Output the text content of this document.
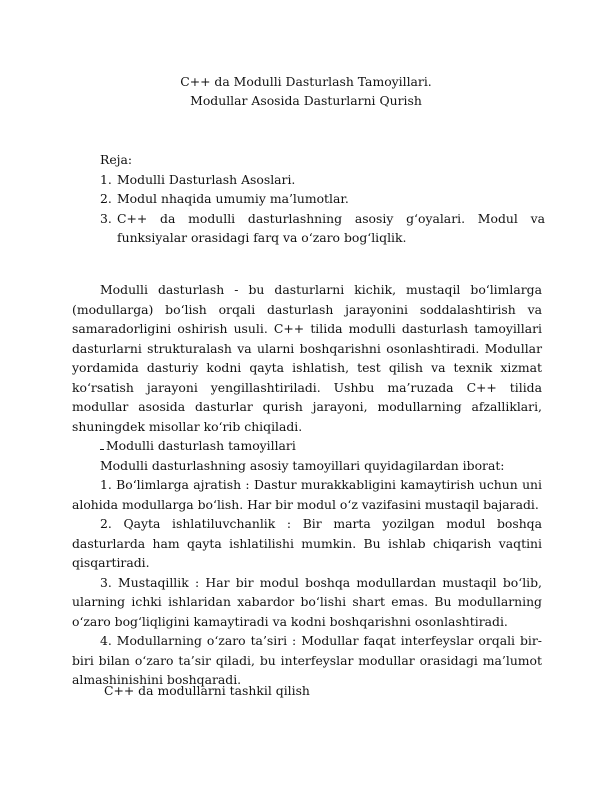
C++ da Modulli Dasturlash Tamoyillari.
Modullar Asosida Dasturlarni Qurish

Reja:

1. Modulli Dasturlash Asoslari.
2. Modul nhaqida umumiy ma’lumotlar.
3. C++ da modulli dasturlashning asosiy g‘oyalari. Modul va funksiyalar orasidagi farq va o‘zaro bog‘liqlik.

Modulli dasturlash - bu dasturlarni kichik, mustaqil bo‘limlarga (modullarga) bo‘lish orqali dasturlash jarayonini soddalashtirish va samaradorligini oshirish usuli. C++ tilida modulli dasturlash tamoyillari dasturlarni strukturalash va ularni boshqarishni osonlashtiradi. Modullar yordamida dasturiy kodni qayta ishlatish, test qilish va texnik xizmat ko‘rsatish jarayoni yengillashtiriladi. Ushbu ma’ruzada C++ tilida modullar asosida dasturlar qurish jarayoni, modullarning afzalliklari, shuningdek misollar ko‘rib chiqiladi.

Modulli dasturlash tamoyillari

Modulli dasturlashning asosiy tamoyillari quyidagilardan iborat:

1. Bo‘limlarga ajratish : Dastur murakkabligini kamaytirish uchun uni alohida modullarga bo‘lish. Har bir modul o‘z vazifasini mustaqil bajaradi.

2. Qayta ishlatiluvchanlik : Bir marta yozilgan modul boshqa dasturlarda ham qayta ishlatilishi mumkin. Bu ishlab chiqarish vaqtini qisqartiradi.

3. Mustaqillik : Har bir modul boshqa modullardan mustaqil bo‘lib, ularning ichki ishlaridan xabardor bo‘lishi shart emas. Bu modullarning o‘zaro bog‘liqligini kamaytiradi va kodni boshqarishni osonlashtiradi.

4. Modullarning o‘zaro ta’siri : Modullar faqat interfeyslar orqali bir-biri bilan o‘zaro ta’sir qiladi, bu interfeyslar modullar orasidagi ma’lumot almashinishini boshqaradi.

C++ da modullarni tashkil qilish
